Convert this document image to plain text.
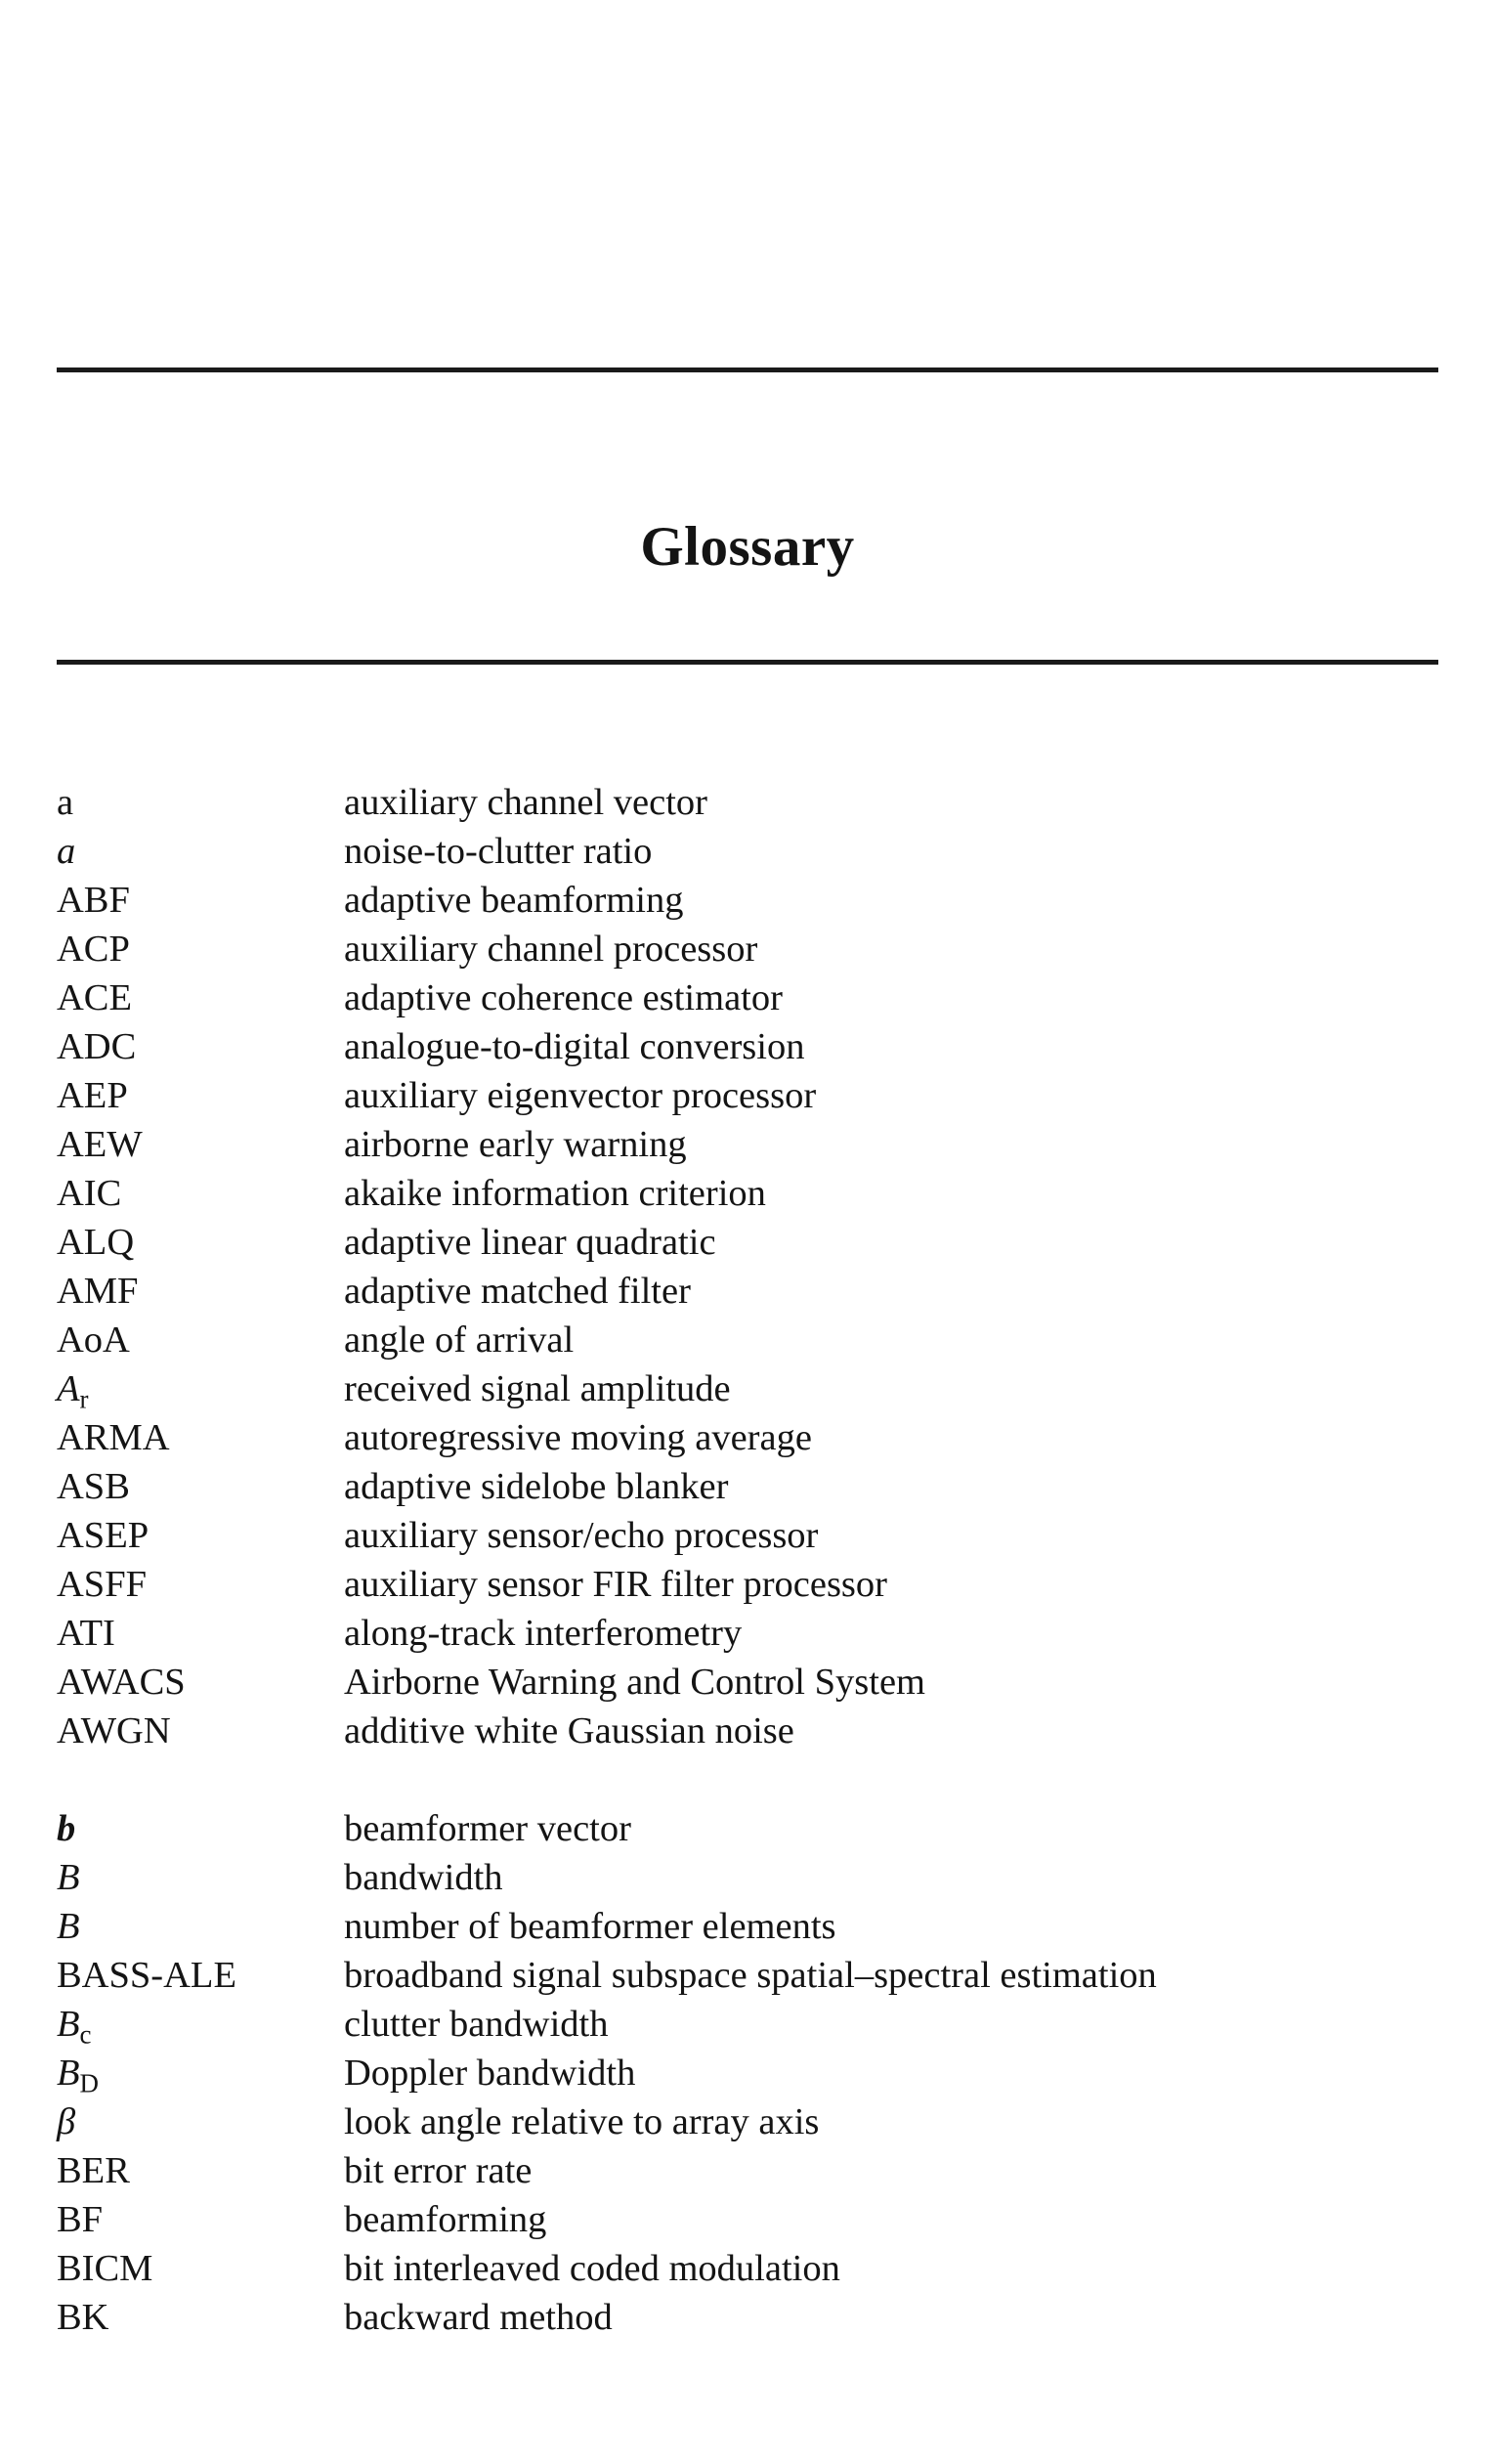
Glossary
a	auxiliary channel vector
a	noise-to-clutter ratio
ABF	adaptive beamforming
ACP	auxiliary channel processor
ACE	adaptive coherence estimator
ADC	analogue-to-digital conversion
AEP	auxiliary eigenvector processor
AEW	airborne early warning
AIC	akaike information criterion
ALQ	adaptive linear quadratic
AMF	adaptive matched filter
AoA	angle of arrival
$A_r$	received signal amplitude
ARMA	autoregressive moving average
ASB	adaptive sidelobe blanker
ASEP	auxiliary sensor/echo processor
ASFF	auxiliary sensor FIR filter processor
ATI	along-track interferometry
AWACS	Airborne Warning and Control System
AWGN	additive white Gaussian noise
b	beamformer vector
B	bandwidth
B	number of beamformer elements
BASS-ALE	broadband signal subspace spatial–spectral estimation
$B_c$	clutter bandwidth
$B_D$	Doppler bandwidth
β	look angle relative to array axis
BER	bit error rate
BF	beamforming
BICM	bit interleaved coded modulation
BK	backward method
